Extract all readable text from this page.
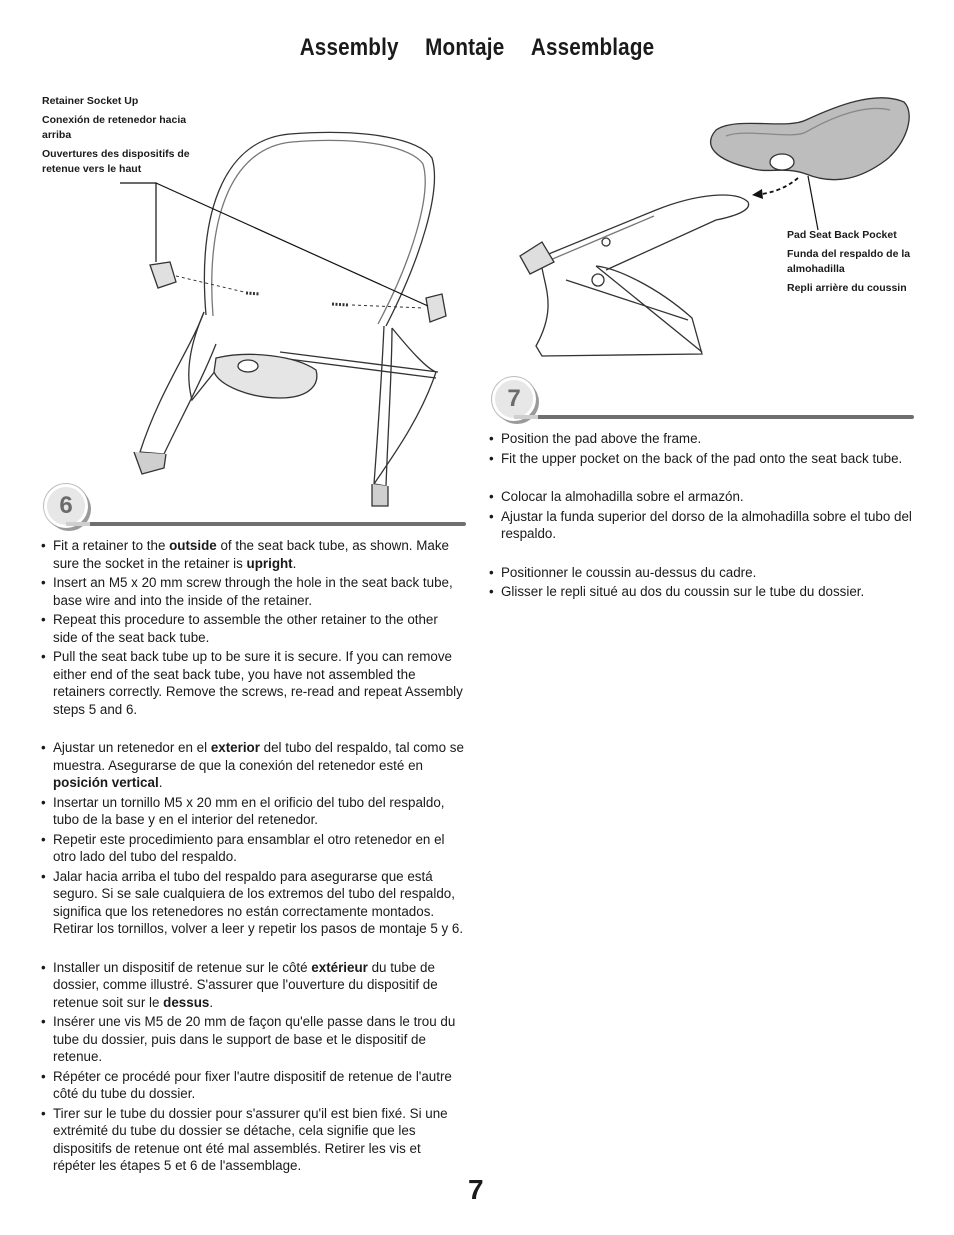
Assembly Montaje Assemblage
Retainer Socket Up
Conexión de retenedor hacia arriba
Ouvertures des dispositifs de retenue vers le haut
6
• Fit a retainer to the outside of the seat back tube, as shown. Make sure the socket in the retainer is upright.
• Insert an M5 x 20 mm screw through the hole in the seat back tube, base wire and into the inside of the retainer.
• Repeat this procedure to assemble the other retainer to the other side of the seat back tube.
• Pull the seat back tube up to be sure it is secure. If you can remove either end of the seat back tube, you have not assembled the retainers correctly. Remove the screws, re-read and repeat Assembly steps 5 and 6.
• Ajustar un retenedor en el exterior del tubo del respaldo, tal como se muestra. Asegurarse de que la conexión del retenedor esté en posición vertical.
• Insertar un tornillo M5 x 20 mm en el orificio del tubo del respaldo, tubo de la base y en el interior del retenedor.
• Repetir este procedimiento para ensamblar el otro retenedor en el otro lado del tubo del respaldo.
• Jalar hacia arriba el tubo del respaldo para asegurarse que está seguro. Si se sale cualquiera de los extremos del tubo del respaldo, significa que los retenedores no están correctamente montados. Retirar los tornillos, volver a leer y repetir los pasos de montaje 5 y 6.
• Installer un dispositif de retenue sur le côté extérieur du tube de dossier, comme illustré. S'assurer que l'ouverture du dispositif de retenue soit sur le dessus.
• Insérer une vis M5 de 20 mm de façon qu'elle passe dans le trou du tube du dossier, puis dans le support de base et le dispositif de retenue.
• Répéter ce procédé pour fixer l'autre dispositif de retenue de l'autre côté du tube du dossier.
• Tirer sur le tube du dossier pour s'assurer qu'il est bien fixé. Si une extrémité du tube du dossier se détache, cela signifie que les dispositifs de retenue ont été mal assemblés. Retirer les vis et répéter les étapes 5 et 6 de l'assemblage.
Pad Seat Back Pocket
Funda del respaldo de la almohadilla
Repli arrière du coussin
7
• Position the pad above the frame.
• Fit the upper pocket on the back of the pad onto the seat back tube.
• Colocar la almohadilla sobre el armazón.
• Ajustar la funda superior del dorso de la almohadilla sobre el tubo del respaldo.
• Positionner le coussin au-dessus du cadre.
• Glisser le repli situé au dos du coussin sur le tube du dossier.
7
